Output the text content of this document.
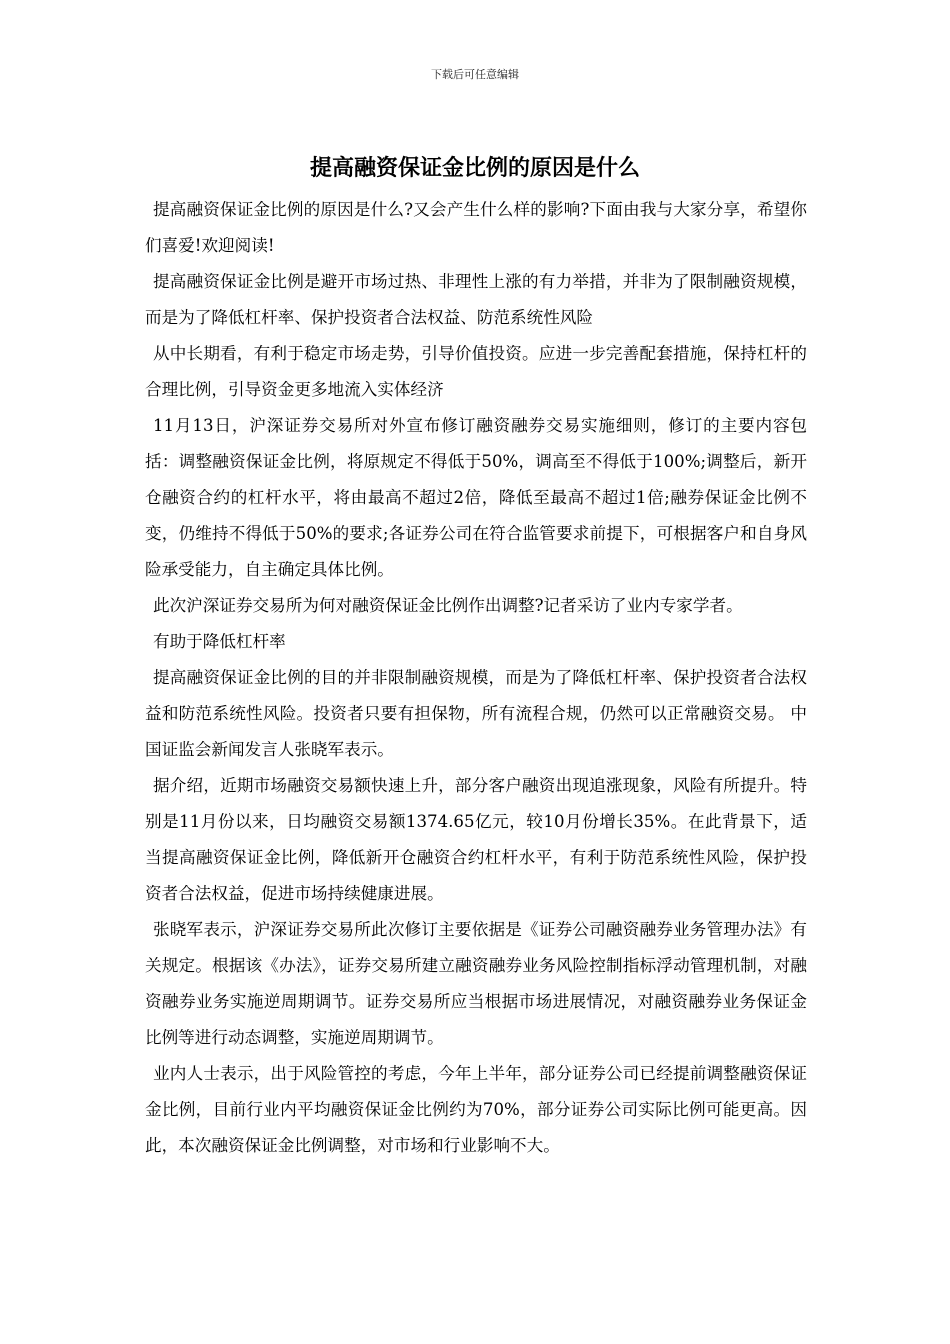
下载后可任意编辑
提高融资保证金比例的原因是什么

提高融资保证金比例的原因是什么?又会产生什么样的影响?下面由我与大家分享，希望你们喜爱!欢迎阅读!

提高融资保证金比例是避开市场过热、非理性上涨的有力举措，并非为了限制融资规模，而是为了降低杠杆率、保护投资者合法权益、防范系统性风险

从中长期看，有利于稳定市场走势，引导价值投资。应进一步完善配套措施，保持杠杆的合理比例，引导资金更多地流入实体经济

11月13日，沪深证券交易所对外宣布修订融资融券交易实施细则，修订的主要内容包括：调整融资保证金比例，将原规定不得低于50%，调高至不得低于100%;调整后，新开仓融资合约的杠杆水平，将由最高不超过2倍，降低至最高不超过1倍;融券保证金比例不变，仍维持不得低于50%的要求;各证券公司在符合监管要求前提下，可根据客户和自身风险承受能力，自主确定具体比例。

此次沪深证券交易所为何对融资保证金比例作出调整?记者采访了业内专家学者。

有助于降低杠杆率

提高融资保证金比例的目的并非限制融资规模，而是为了降低杠杆率、保护投资者合法权益和防范系统性风险。投资者只要有担保物，所有流程合规，仍然可以正常融资交易。 中国证监会新闻发言人张晓军表示。

据介绍，近期市场融资交易额快速上升，部分客户融资出现追涨现象，风险有所提升。特别是11月份以来，日均融资交易额1374.65亿元，较10月份增长35%。在此背景下，适当提高融资保证金比例，降低新开仓融资合约杠杆水平，有利于防范系统性风险，保护投资者合法权益，促进市场持续健康进展。

张晓军表示，沪深证券交易所此次修订主要依据是《证券公司融资融券业务管理办法》有关规定。根据该《办法》，证券交易所建立融资融券业务风险控制指标浮动管理机制，对融资融券业务实施逆周期调节。证券交易所应当根据市场进展情况，对融资融券业务保证金比例等进行动态调整，实施逆周期调节。

业内人士表示，出于风险管控的考虑，今年上半年，部分证券公司已经提前调整融资保证金比例，目前行业内平均融资保证金比例约为70%，部分证券公司实际比例可能更高。因此，本次融资保证金比例调整，对市场和行业影响不大。
